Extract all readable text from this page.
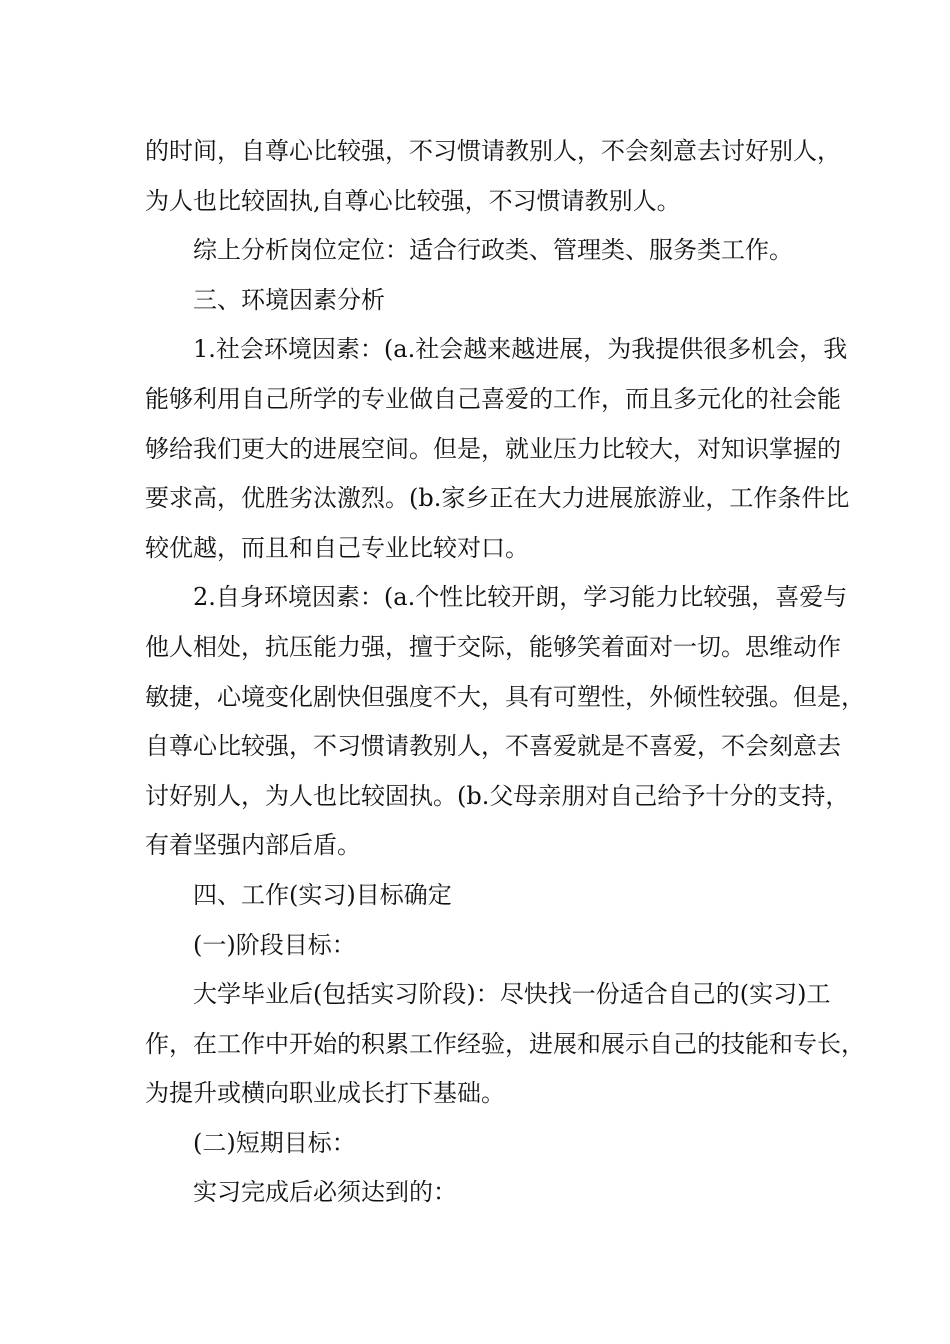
的时间，自尊心比较强，不习惯请教别人，不会刻意去讨好别人，
为人也比较固执,自尊心比较强，不习惯请教别人。
综上分析岗位定位：适合行政类、管理类、服务类工作。
三、环境因素分析
1.社会环境因素：(a.社会越来越进展，为我提供很多机会，我
能够利用自己所学的专业做自己喜爱的工作，而且多元化的社会能
够给我们更大的进展空间。但是，就业压力比较大，对知识掌握的
要求高，优胜劣汰激烈。(b.家乡正在大力进展旅游业，工作条件比
较优越，而且和自己专业比较对口。
2.自身环境因素：(a.个性比较开朗，学习能力比较强，喜爱与
他人相处，抗压能力强，擅于交际，能够笑着面对一切。思维动作
敏捷，心境变化剧快但强度不大，具有可塑性，外倾性较强。但是，
自尊心比较强，不习惯请教别人，不喜爱就是不喜爱，不会刻意去
讨好别人，为人也比较固执。(b.父母亲朋对自己给予十分的支持，
有着坚强内部后盾。
四、工作(实习)目标确定
(一)阶段目标：
大学毕业后(包括实习阶段)：尽快找一份适合自己的(实习)工
作，在工作中开始的积累工作经验，进展和展示自己的技能和专长，
为提升或横向职业成长打下基础。
(二)短期目标：
实习完成后必须达到的：
